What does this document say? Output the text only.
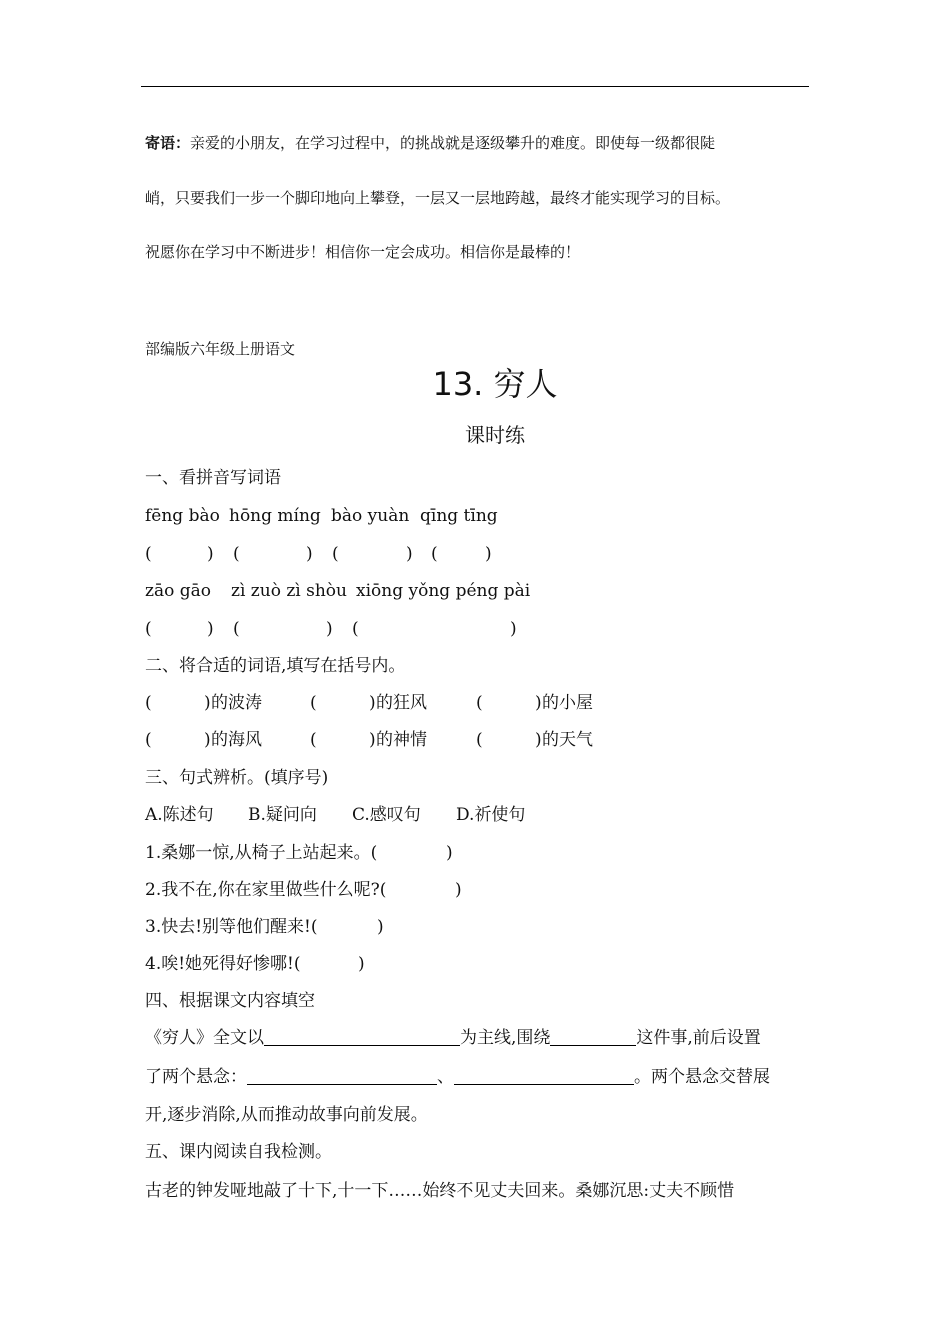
寄语：亲爱的小朋友，在学习过程中，的挑战就是逐级攀升的难度。即使每一级都很陡
峭，只要我们一步一个脚印地向上攀登，一层又一层地跨越，最终才能实现学习的目标。
祝愿你在学习中不断进步！相信你一定会成功。相信你是最棒的！
部编版六年级上册语文
13. 穷人
课时练
一、看拼音写词语
fēng bào hōng míng bào yuàn qīng tīng
(	) (	) (	) (	)
zāo gāo zì zuò zì shòu xiōng yǒng péng pài
(	) (	) (	)
二、将合适的词语,填写在括号内。
(	) 的波涛	(	) 的狂风	(	) 的小屋
(	) 的海风	(	) 的神情	(	) 的天气
三、句式辨析。(填序号)
A.陈述句 B.疑问向 C.感叹句 D.祈使句
1.桑娜一惊,从椅子上站起来。(	)
2.我不在,你在家里做些什么呢?(	)
3.快去!别等他们醒来!(	)
4.唉!她死得好惨哪!(	)
四、根据课文内容填空
《穷人》全文以	为主线,围绕	这件事,前后设置
了两个悬念：	、	。两个悬念交替展
开,逐步消除,从而推动故事向前发展。
五、课内阅读自我检测。
古老的钟发哑地敲了十下,十一下……始终不见丈夫回来。桑娜沉思:丈夫不顾惜
